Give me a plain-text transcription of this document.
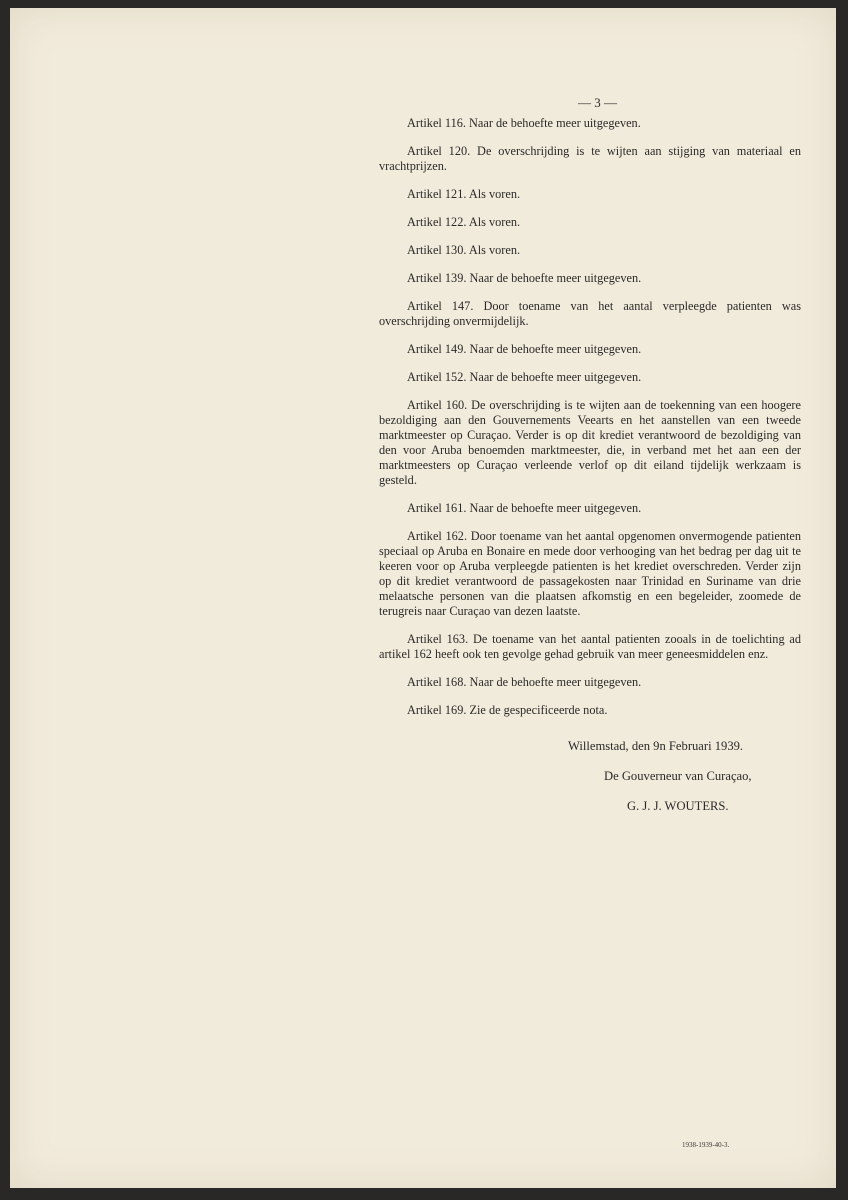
— 3 —

Artikel 116. Naar de behoefte meer uitgegeven.

Artikel 120. De overschrijding is te wijten aan stijging van materiaal en vrachtprijzen.

Artikel 121. Als voren.

Artikel 122. Als voren.

Artikel 130. Als voren.

Artikel 139. Naar de behoefte meer uitgegeven.

Artikel 147. Door toename van het aantal verpleegde patienten was overschrijding onvermijdelijk.

Artikel 149. Naar de behoefte meer uitgegeven.

Artikel 152. Naar de behoefte meer uitgegeven.

Artikel 160. De overschrijding is te wijten aan de toekenning van een hoogere bezoldiging aan den Gouvernements Veearts en het aanstellen van een tweede marktmeester op Curaçao. Verder is op dit krediet verantwoord de bezoldiging van den voor Aruba benoemden marktmeester, die, in verband met het aan een der marktmeesters op Curaçao verleende verlof op dit eiland tijdelijk werkzaam is gesteld.

Artikel 161. Naar de behoefte meer uitgegeven.

Artikel 162. Door toename van het aantal opgenomen onvermogende patienten speciaal op Aruba en Bonaire en mede door verhooging van het bedrag per dag uit te keeren voor op Aruba verpleegde patienten is het krediet overschreden. Verder zijn op dit krediet verantwoord de passagekosten naar Trinidad en Suriname van drie melaatsche personen van die plaatsen afkomstig en een begeleider, zoomede de terugreis naar Curaçao van dezen laatste.

Artikel 163. De toename van het aantal patienten zooals in de toelichting ad artikel 162 heeft ook ten gevolge gehad gebruik van meer geneesmiddelen enz.

Artikel 168. Naar de behoefte meer uitgegeven.

Artikel 169. Zie de gespecificeerde nota.

Willemstad, den 9n Februari 1939.
De Gouverneur van Curaçao,
G. J. J. WOUTERS.
1938-1939-40-3.
